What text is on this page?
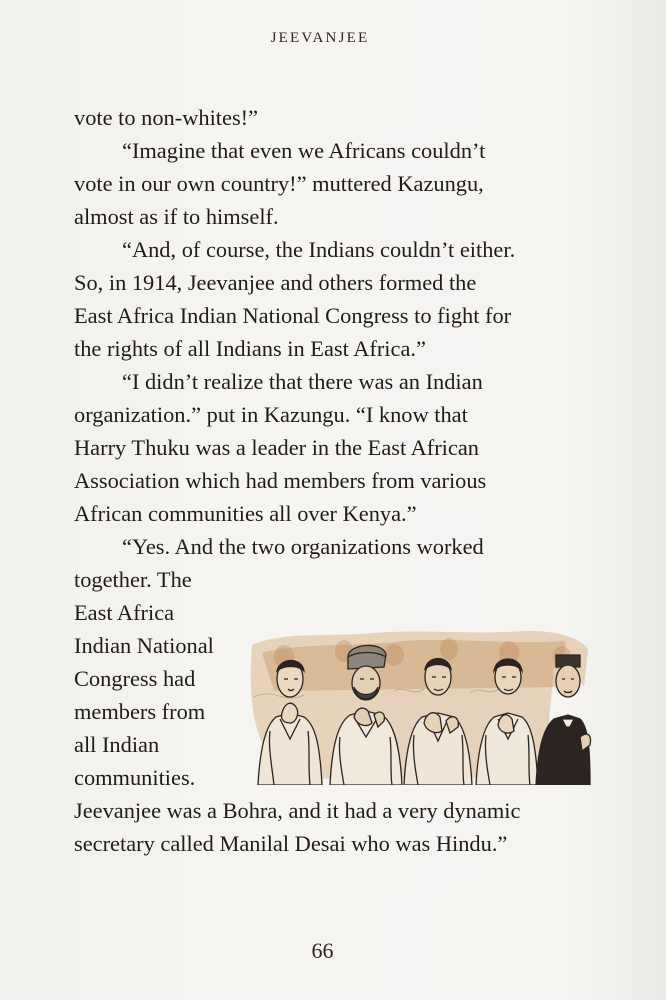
JEEVANJEE
vote to non-whites!”
“Imagine that even we Africans couldn’t
vote in our own country!” muttered Kazungu,
almost as if to himself.
“And, of course, the Indians couldn’t either.
So, in 1914, Jeevanjee and others formed the
East Africa Indian National Congress to fight for
the rights of all Indians in East Africa.”
“I didn’t realize that there was an Indian
organization.” put in Kazungu. “I know that
Harry Thuku was a leader in the East African
Association which had members from various
African communities all over Kenya.”
“Yes. And the two organizations worked
together. The
East Africa
Indian National
Congress had
members from
all Indian
communities.
Jeevanjee was a Bohra, and it had a very dynamic
secretary called Manilal Desai who was Hindu.”
66
